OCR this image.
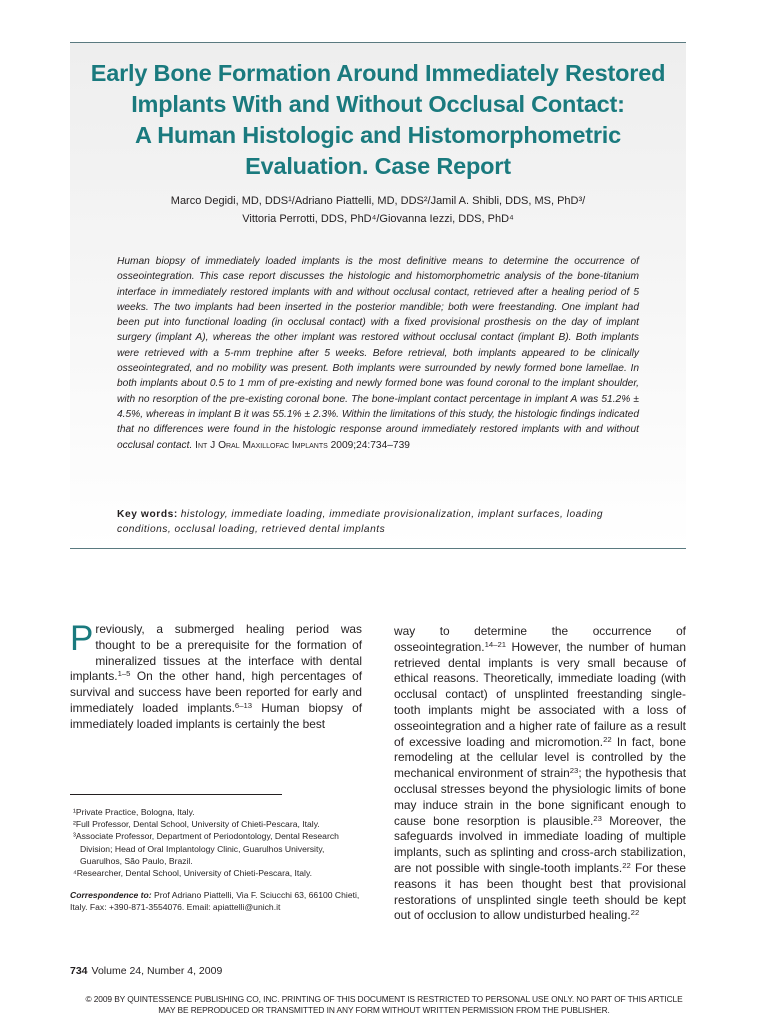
Early Bone Formation Around Immediately Restored
Implants With and Without Occlusal Contact:
A Human Histologic and Histomorphometric
Evaluation. Case Report
Marco Degidi, MD, DDS¹/Adriano Piattelli, MD, DDS²/Jamil A. Shibli, DDS, MS, PhD³/
Vittoria Perrotti, DDS, PhD⁴/Giovanna Iezzi, DDS, PhD⁴

Human biopsy of immediately loaded implants is the most definitive means to determine the occurrence of osseointegration. This case report discusses the histologic and histomorphometric analysis of the bone-titanium interface in immediately restored implants with and without occlusal contact, retrieved after a healing period of 5 weeks. The two implants had been inserted in the posterior mandible; both were freestanding. One implant had been put into functional loading (in occlusal contact) with a fixed provisional prosthesis on the day of implant surgery (implant A), whereas the other implant was restored without occlusal contact (implant B). Both implants were retrieved with a 5-mm trephine after 5 weeks. Before retrieval, both implants appeared to be clinically osseointegrated, and no mobility was present. Both implants were surrounded by newly formed bone lamellae. In both implants about 0.5 to 1 mm of pre-existing and newly formed bone was found coronal to the implant shoulder, with no resorption of the pre-existing coronal bone. The bone-implant contact percentage in implant A was 51.2% ± 4.5%, whereas in implant B it was 55.1% ± 2.3%. Within the limitations of this study, the histologic findings indicated that no differences were found in the histologic response around immediately restored implants with and without occlusal contact. Int J Oral Maxillofac Implants 2009;24:734–739

Key words: histology, immediate loading, immediate provisionalization, implant surfaces, loading conditions, occlusal loading, retrieved dental implants

Previously, a submerged healing period was thought to be a prerequisite for the formation of mineralized tissues at the interface with dental implants.$^{1-5}$ On the other hand, high percentages of survival and success have been reported for early and immediately loaded implants.$^{6-13}$ Human biopsy of immediately loaded implants is certainly the best

way to determine the occurrence of osseointegration.$^{14-21}$ However, the number of human retrieved dental implants is very small because of ethical reasons. Theoretically, immediate loading (with occlusal contact) of unsplinted freestanding single-tooth implants might be associated with a loss of osseointegration and a higher rate of failure as a result of excessive loading and micromotion.$^{22}$ In fact, bone remodeling at the cellular level is controlled by the mechanical environment of strain$^{23}$; the hypothesis that occlusal stresses beyond the physiologic limits of bone may induce strain in the bone significant enough to cause bone resorption is plausible.$^{23}$ Moreover, the safeguards involved in immediate loading of multiple implants, such as splinting and cross-arch stabilization, are not possible with single-tooth implants.$^{22}$ For these reasons it has been thought best that provisional restorations of unsplinted single teeth should be kept out of occlusion to allow undisturbed healing.$^{22}$

¹Private Practice, Bologna, Italy.

²Full Professor, Dental School, University of Chieti-Pescara, Italy.

³Associate Professor, Department of Periodontology, Dental Research Division; Head of Oral Implantology Clinic, Guarulhos University, Guarulhos, São Paulo, Brazil.

⁴Researcher, Dental School, University of Chieti-Pescara, Italy.

Correspondence to: Prof Adriano Piattelli, Via F. Sciucchi 63, 66100 Chieti, Italy. Fax: +390-871-3554076. Email: apiattelli@unich.it

734 Volume 24, Number 4, 2009
© 2009 BY QUINTESSENCE PUBLISHING CO, INC. PRINTING OF THIS DOCUMENT IS RESTRICTED TO PERSONAL USE ONLY. NO PART OF THIS ARTICLE
MAY BE REPRODUCED OR TRANSMITTED IN ANY FORM WITHOUT WRITTEN PERMISSION FROM THE PUBLISHER.
